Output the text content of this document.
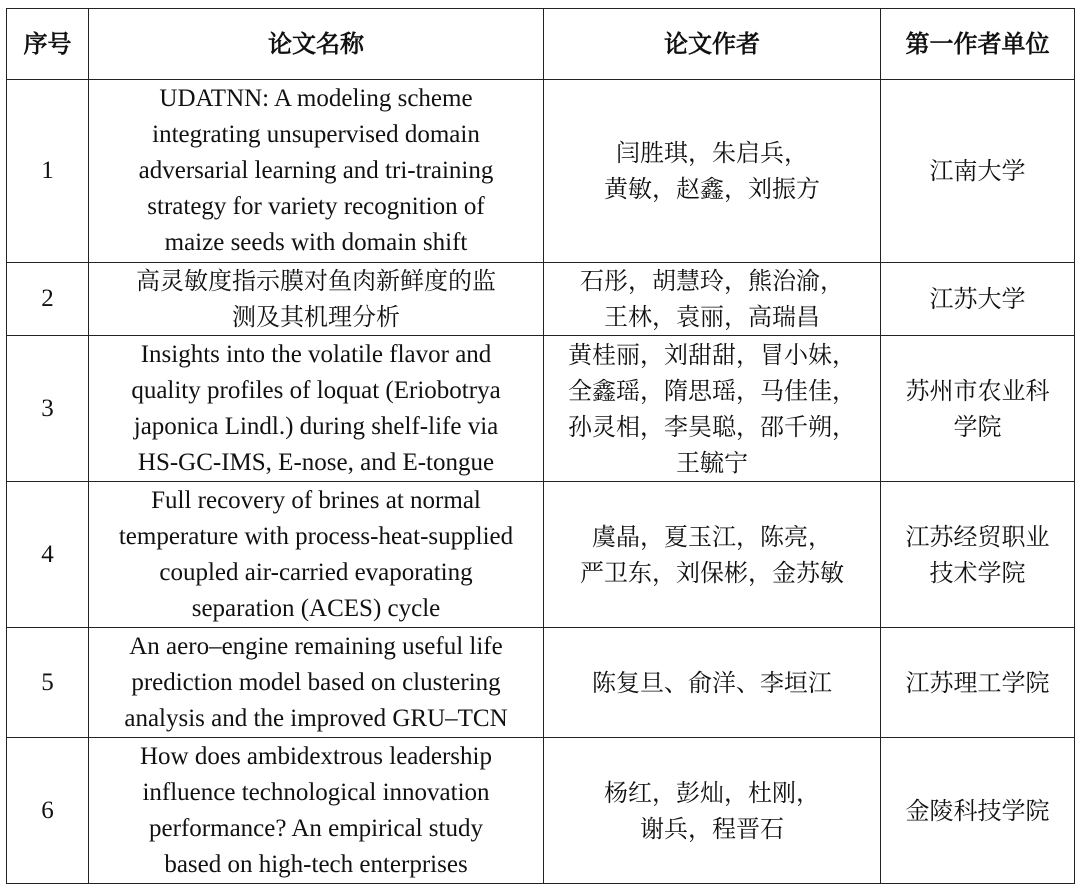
序号	论文名称	论文作者	第一作者单位
1	UDATNN: A modeling scheme
integrating unsupervised domain
adversarial learning and tri-training
strategy for variety recognition of
maize seeds with domain shift	闫胜琪，朱启兵，
黄敏，赵鑫，刘振方	江南大学

2	高灵敏度指示膜对鱼肉新鲜度的监
测及其机理分析	石彤，胡慧玲，熊治渝，
王林，袁丽，高瑞昌	江苏大学

3	Insights into the volatile flavor and
quality profiles of loquat (Eriobotrya
japonica Lindl.) during shelf-life via
HS-GC-IMS, E-nose, and E-tongue	黄桂丽，刘甜甜，冒小妹，
全鑫瑶，隋思瑶，马佳佳，
孙灵相，李昊聪，邵千朔，
王毓宁	苏州市农业科
学院

4	Full recovery of brines at normal
temperature with process-heat-supplied
coupled air-carried evaporating
separation (ACES) cycle	虞晶，夏玉江，陈亮，
严卫东，刘保彬，金苏敏	江苏经贸职业
技术学院

5	An aero–engine remaining useful life
prediction model based on clustering
analysis and the improved GRU–TCN	陈复旦、俞洋、李垣江	江苏理工学院

6	How does ambidextrous leadership
influence technological innovation
performance? An empirical study
based on high-tech enterprises	杨红，彭灿，杜刚，
谢兵，程晋石	金陵科技学院
